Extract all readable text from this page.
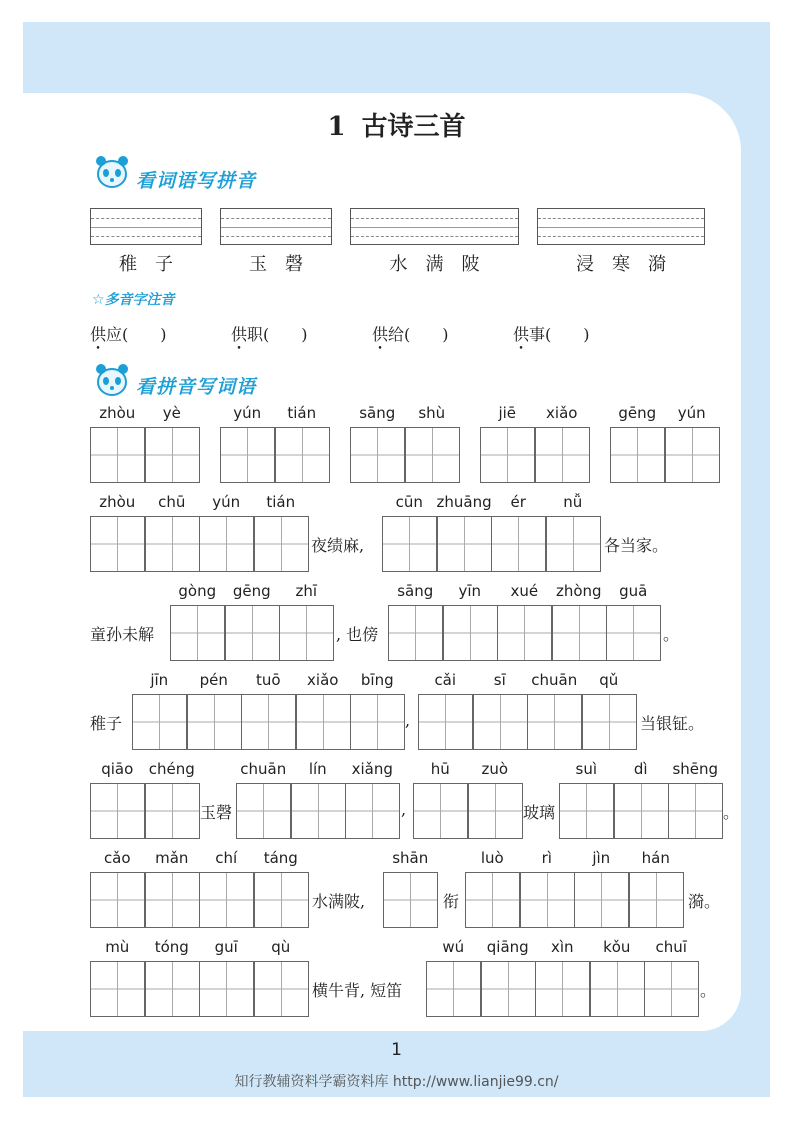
1 古诗三首
看词语写拼音
稚　子	玉　磬	水　满　陂	浸　寒　漪
☆多音字注音
供应(　　)	供职(　　)	供给(　　)	供事(　　)
看拼音写词语
zhòu	yè	yún	tián	sāng	shù	jiē	xiǎo	gēng	yún
zhòu	chū	yún	tián
夜绩麻,
cūn zhuāng	ér	nǚ
各当家。
童孙未解
gòng	gēng	zhī
, 也傍
sāng	yīn	xué	zhòng	guā
。
稚子
jīn	pén	tuō	xiǎo	bīng
,
cǎi	sī	chuān	qǔ
当银钲。
qiāo	chéng
玉磬
chuān	lín	xiǎng
,
hū	zuò
玻璃
suì	dì	shēng
。
cǎo	mǎn	chí	táng
水满陂,
shān
衔
luò	rì	jìn	hán
漪。
mù	tóng	guī	qù
横牛背, 短笛
wú	qiāng	xìn	kǒu	chuī
。
1
知行教辅资料学霸资料库 http://www.lianjie99.cn/
